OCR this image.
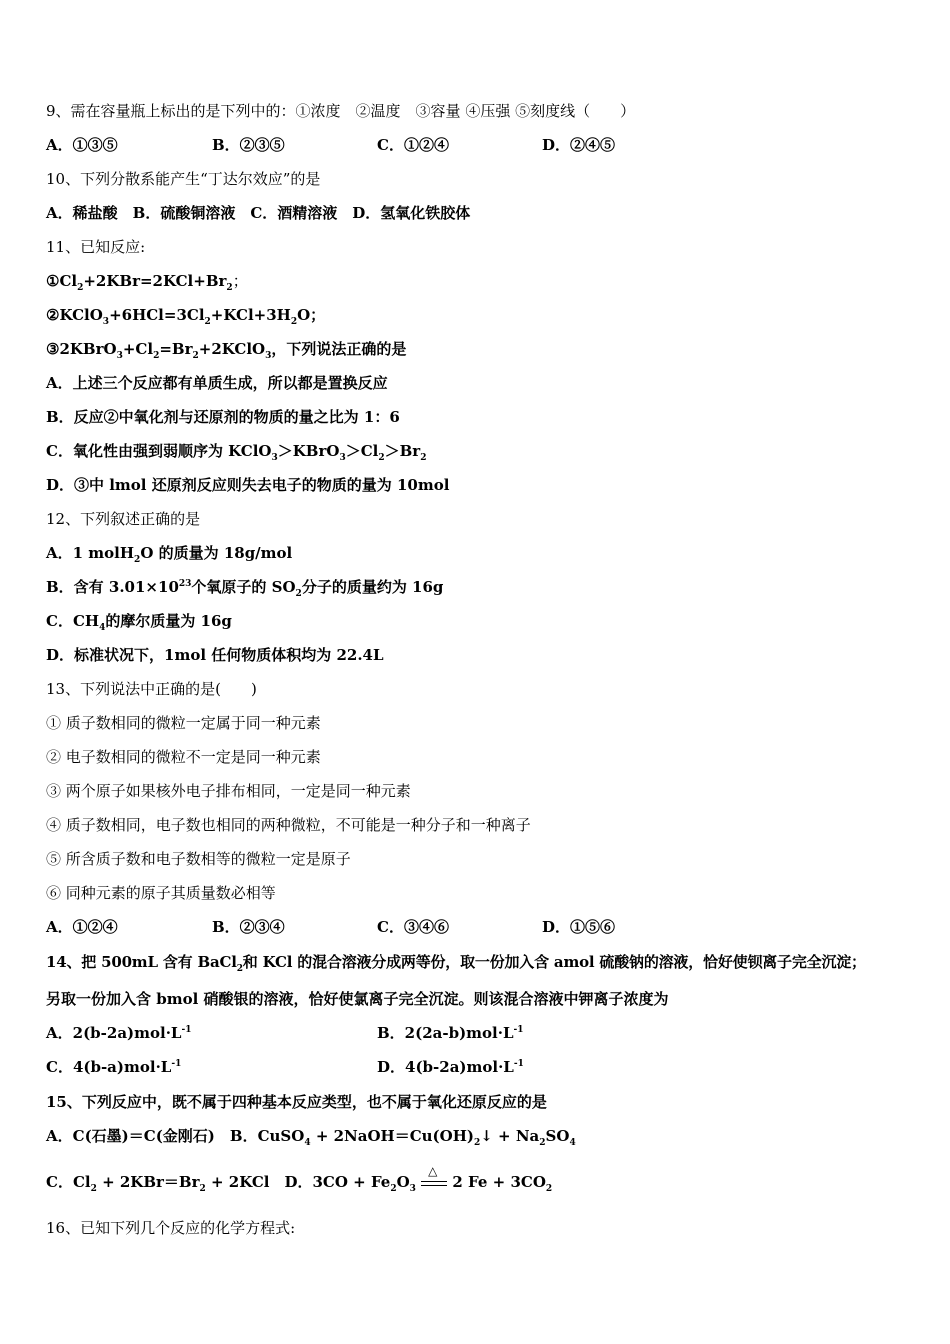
9、需在容量瓶上标出的是下列中的：①浓度　②温度　③容量 ④压强 ⑤刻度线（　　）
A．①③⑤	B．②③⑤	C．①②④	D．②④⑤
10、下列分散系能产生“丁达尔效应”的是
A．稀盐酸　B．硫酸铜溶液　C．酒精溶液　D．氢氧化铁胶体
11、已知反应:
$①Cl_2+2KBr=2KCl+Br_2$；
$②KClO_3+6HCl=3Cl_2+KCl+3H_2O$；
$③2KBrO_3+Cl_2=Br_2+2KClO_3$，下列说法正确的是
A．上述三个反应都有单质生成，所以都是置换反应
B．反应②中氧化剂与还原剂的物质的量之比为 1：6
C．氧化性由强到弱顺序为 $KClO_3>KBrO_3>Cl_2>Br_2$
D．③中 lmol 还原剂反应则失去电子的物质的量为 10mol
12、下列叙述正确的是
A．1 molH$_2$O 的质量为 18g/mol
B．含有 $3.01\times 10^{23}$个氧原子的 $SO_2$分子的质量约为 16g
C．$CH_4$的摩尔质量为 16g
D．标准状况下，1mol 任何物质体积均为 22.4L
13、下列说法中正确的是(　　)
① 质子数相同的微粒一定属于同一种元素
② 电子数相同的微粒不一定是同一种元素
③ 两个原子如果核外电子排布相同，一定是同一种元素
④ 质子数相同，电子数也相同的两种微粒，不可能是一种分子和一种离子
⑤ 所含质子数和电子数相等的微粒一定是原子
⑥ 同种元素的原子其质量数必相等
A．①②④	B．②③④	C．③④⑥	D．①⑤⑥
14、把 500mL 含有 BaCl$_2$和 KCl 的混合溶液分成两等份，取一份加入含 amol 硫酸钠的溶液，恰好使钡离子完全沉淀；
另取一份加入含 bmol 硝酸银的溶液，恰好使氯离子完全沉淀。则该混合溶液中钾离子浓度为
A．$2(b-2a)mol\cdot L^{-1}$	B．$2(2a-b)mol\cdot L^{-1}$
C．$4(b-a)mol\cdot L^{-1}$	D．$4(b-2a)mol\cdot L^{-1}$
15、下列反应中，既不属于四种基本反应类型，也不属于氧化还原反应的是
A．C(石墨)＝C(金刚石)　B．CuSO$_4$ + $2NaOH=Cu(OH)_2↓ + Na_2SO_4$
C．$Cl_2 + 2KBr=Br_2 + 2KCl$　D．$3CO + Fe_2O_3$
△
2 $Fe + 3CO_2$
16、已知下列几个反应的化学方程式:
